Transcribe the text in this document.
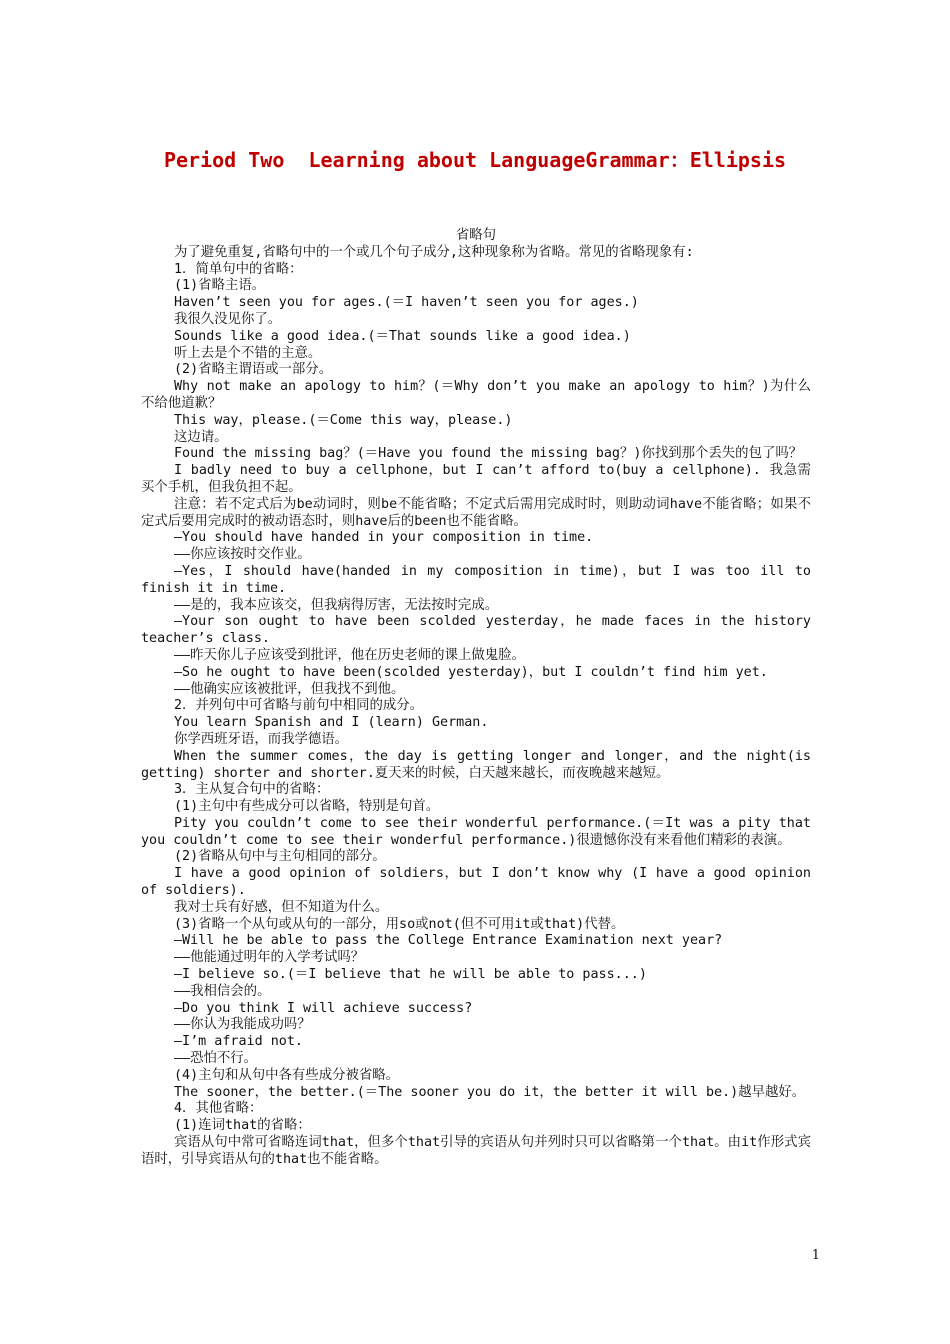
Period Two  Learning about LanguageGrammar：Ellipsis
省略句
为了避免重复,省略句中的一个或几个句子成分,这种现象称为省略。常见的省略现象有:
1．简单句中的省略：
(1)省略主语。
Haven’t seen you for ages.(＝I haven’t seen you for ages.)
我很久没见你了。
Sounds like a good idea.(＝That sounds like a good idea.)
听上去是个不错的主意。
(2)省略主谓语或一部分。
Why not make an apology to him？(＝Why don’t you make an apology to him？)为什么不给他道歉？
This way，please.(＝Come this way，please.)
这边请。
Found the missing bag？(＝Have you found the missing bag？)你找到那个丢失的包了吗？
I badly need to buy a cellphone，but I can’t afford to(buy a cellphone). 我急需买个手机，但我负担不起。
注意：若不定式后为be动词时，则be不能省略；不定式后需用完成时时，则助动词have不能省略；如果不定式后要用完成时的被动语态时，则have后的been也不能省略。
—You should have handed in your composition in time.
——你应该按时交作业。
—Yes，I should have(handed in my composition in time)，but I was too ill to finish it in time.
——是的，我本应该交，但我病得厉害，无法按时完成。
—Your son ought to have been scolded yesterday，he made faces in the history teacher’s class.
——昨天你儿子应该受到批评，他在历史老师的课上做鬼脸。
—So he ought to have been(scolded yesterday)，but I couldn’t find him yet.
——他确实应该被批评，但我找不到他。
2．并列句中可省略与前句中相同的成分。
You learn Spanish and I (learn) German.
你学西班牙语，而我学德语。
When the summer comes，the day is getting longer and longer，and the night(is getting) shorter and shorter.夏天来的时候，白天越来越长，而夜晚越来越短。
3．主从复合句中的省略：
(1)主句中有些成分可以省略，特别是句首。
Pity you couldn’t come to see their wonderful performance.(＝It was a pity that you couldn’t come to see their wonderful performance.)很遗憾你没有来看他们精彩的表演。
(2)省略从句中与主句相同的部分。
I have a good opinion of soldiers，but I don’t know why (I have a good opinion of soldiers).
我对士兵有好感，但不知道为什么。
(3)省略一个从句或从句的一部分，用so或not(但不可用it或that)代替。
—Will he be able to pass the College Entrance Examination next year?
——他能通过明年的入学考试吗？
—I believe so.(＝I believe that he will be able to pass...)
——我相信会的。
—Do you think I will achieve success?
——你认为我能成功吗？
—I’m afraid not.
——恐怕不行。
(4)主句和从句中各有些成分被省略。
The sooner，the better.(＝The sooner you do it，the better it will be.)越早越好。
4．其他省略：
(1)连词that的省略：
宾语从句中常可省略连词that，但多个that引导的宾语从句并列时只可以省略第一个that。由it作形式宾语时，引导宾语从句的that也不能省略。
1
